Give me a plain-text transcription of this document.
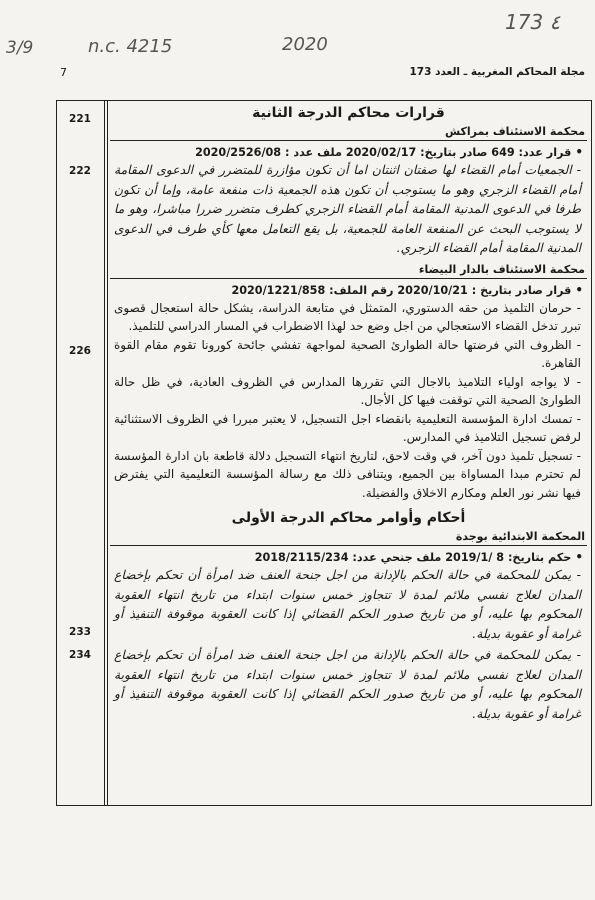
3/9	n.c. 4215	2020
173 ٤
مجلة المحاكم المغربية ـ العدد 173
7
221
222
226
233
234
قرارات محاكم الدرجة الثانية
محكمة الاستئناف بمراكش
•قرار عدد: 649 صادر بتاريخ: 2020/02/17 ملف عدد : 2020/2526/08
- الجمعيات أمام القضاء لها صفتان اثنتان اما أن تكون مؤازرة للمتضرر في الدعوى المقامة أمام القضاء الزجري وهو ما يستوجب أن تكون هذه الجمعية ذات منفعة عامة، وإما أن تكون طرفا في الدعوى المدنية المقامة أمام القضاء الزجري كطرف متضرر ضررا مباشرا، وهو ما لا يستوجب البحث عن المنفعة العامة للجمعية، بل يقع التعامل معها كأي طرف في الدعوى المدنية المقامة أمام القضاء الزجري.
محكمة الاستئناف بالدار البيضاء
•قرار صادر بتاريخ : 2020/10/21 رقم الملف: 2020/1221/858
- حرمان التلميذ من حقه الدستوري، المتمثل في متابعة الدراسة، يشكل حالة استعجال قصوى تبرر تدخل القضاء الاستعجالي من اجل وضع حد لهذا الاضطراب في المسار الدراسي للتلميذ.
- الظروف التي فرضتها حالة الطوارئ الصحية لمواجهة تفشي جائحة كورونا تقوم مقام القوة القاهرة.
- لا يواجه اولياء التلاميذ بالاجال التي تقررها المدارس في الظروف العادية، في ظل حالة الطوارئ الصحية التي توقفت فيها كل الأجال.
- تمسك ادارة المؤسسة التعليمية بانقضاء اجل التسجيل، لا يعتبر مبررا في الظروف الاستثنائية لرفض تسجيل التلاميذ في المدارس.
- تسجيل تلميذ دون آخر، في وقت لاحق، لتاريخ انتهاء التسجيل دلالة قاطعة بان ادارة المؤسسة لم تحترم مبدا المساواة بين الجميع، ويتنافى ذلك مع رسالة المؤسسة التعليمية التي يفترض فيها نشر نور العلم ومكارم الاخلاق والفضيلة.
أحكام وأوامر محاكم الدرجة الأولى
المحكمة الابتدائية بوجدة
•حكم بتاريخ: 8 /2019/1 ملف جنحي عدد: 2018/2115/234
- يمكن للمحكمة في حالة الحكم بالإدانة من اجل جنحة العنف ضد امرأة أن تحكم بإخضاع المدان لعلاج نفسي ملائم لمدة لا تتجاوز خمس سنوات ابتداء من تاريخ انتهاء العقوبة المحكوم بها عليه، أو من تاريخ صدور الحكم القضائي إذا كانت العقوبة موقوفة التنفيذ أو غرامة أو عقوبة بديلة.
- يمكن للمحكمة في حالة الحكم بالإدانة من اجل جنحة العنف ضد امرأة أن تحكم بإخضاع المدان لعلاج نفسي ملائم لمدة لا تتجاوز خمس سنوات ابتداء من تاريخ انتهاء العقوبة المحكوم بها عليه، أو من تاريخ صدور الحكم القضائي إذا كانت العقوبة موقوفة التنفيذ أو غرامة أو عقوبة بديلة.
